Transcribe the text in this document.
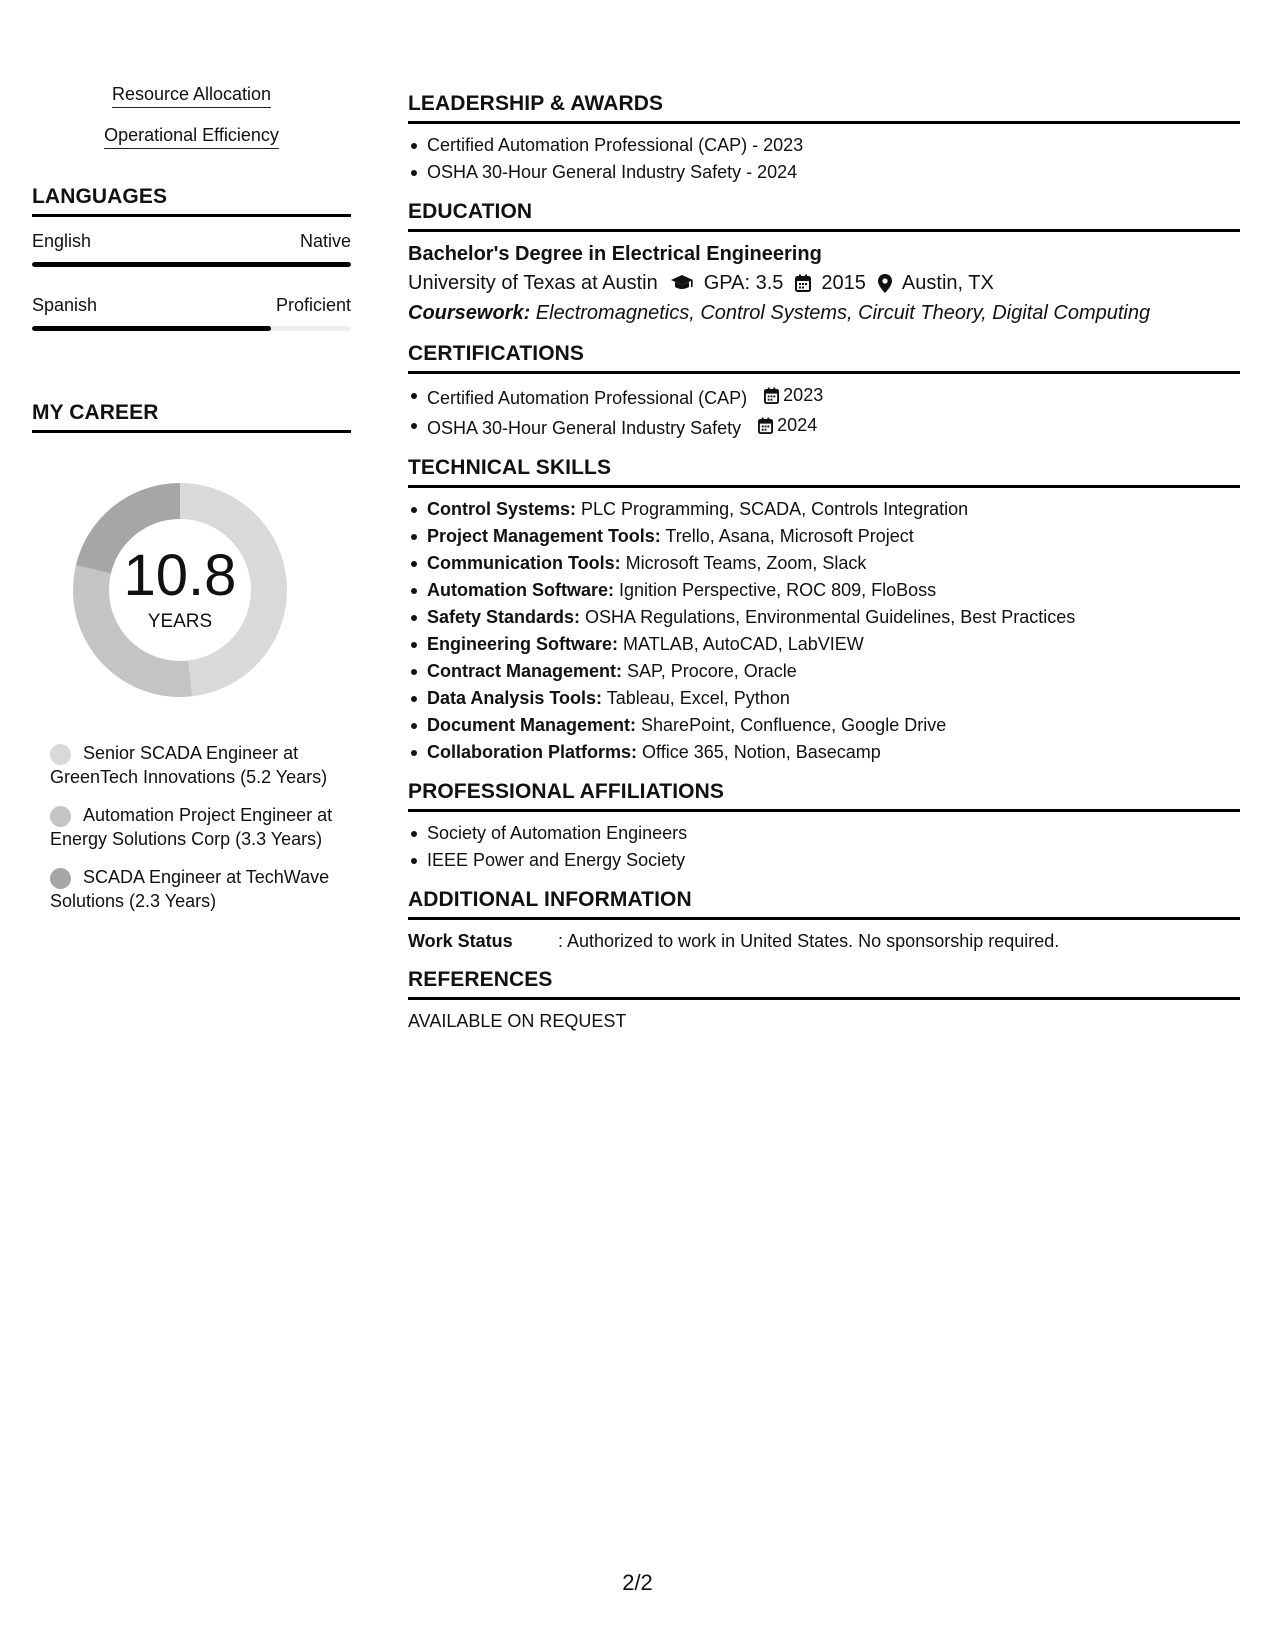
Resource Allocation
Operational Efficiency
LANGUAGES
English	Native
Spanish	Proficient
MY CAREER
10.8
YEARS
Senior SCADA Engineer at GreenTech Innovations (5.2 Years)
Automation Project Engineer at Energy Solutions Corp (3.3 Years)
SCADA Engineer at TechWave Solutions (2.3 Years)
LEADERSHIP & AWARDS
Certified Automation Professional (CAP) - 2023
OSHA 30-Hour General Industry Safety - 2024
EDUCATION
Bachelor's Degree in Electrical Engineering
University of Texas at Austin GPA: 3.5 2015 Austin, TX
Coursework: Electromagnetics, Control Systems, Circuit Theory, Digital Computing
CERTIFICATIONS
Certified Automation Professional (CAP) 2023
OSHA 30-Hour General Industry Safety 2024
TECHNICAL SKILLS
Control Systems: PLC Programming, SCADA, Controls Integration
Project Management Tools: Trello, Asana, Microsoft Project
Communication Tools: Microsoft Teams, Zoom, Slack
Automation Software: Ignition Perspective, ROC 809, FloBoss
Safety Standards: OSHA Regulations, Environmental Guidelines, Best Practices
Engineering Software: MATLAB, AutoCAD, LabVIEW
Contract Management: SAP, Procore, Oracle
Data Analysis Tools: Tableau, Excel, Python
Document Management: SharePoint, Confluence, Google Drive
Collaboration Platforms: Office 365, Notion, Basecamp
PROFESSIONAL AFFILIATIONS
Society of Automation Engineers
IEEE Power and Energy Society
ADDITIONAL INFORMATION
Work Status	: Authorized to work in United States. No sponsorship required.
REFERENCES
AVAILABLE ON REQUEST
2/2
